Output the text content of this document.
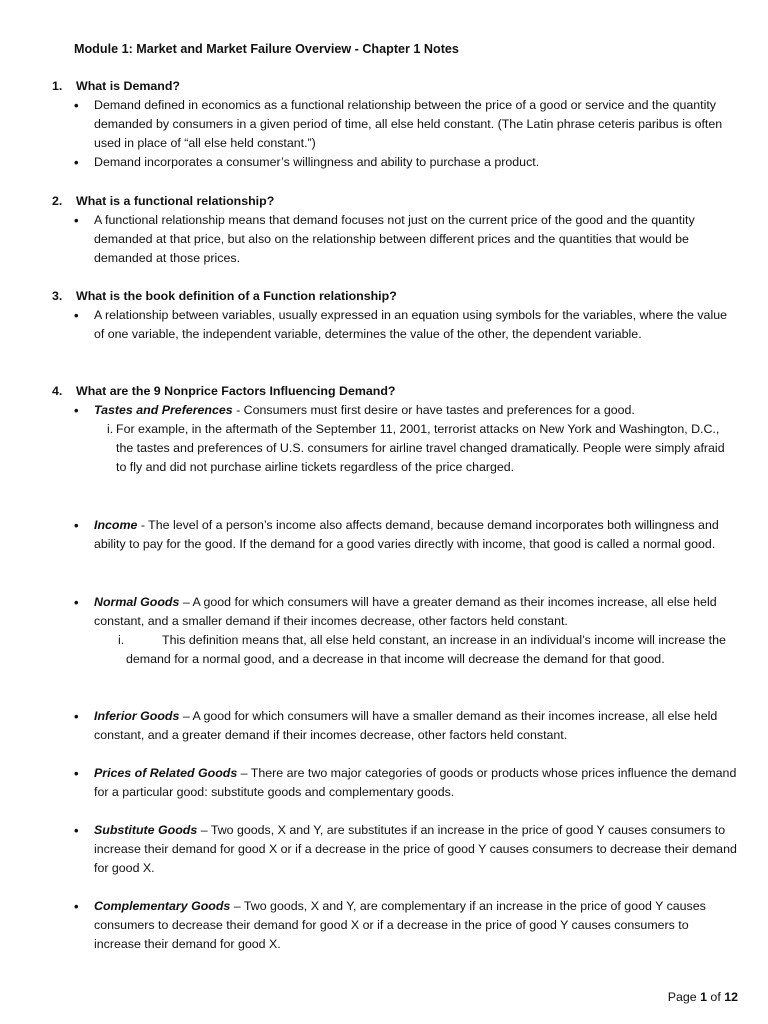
Module 1: Market and Market Failure Overview - Chapter 1 Notes
1. What is Demand?
• Demand defined in economics as a functional relationship between the price of a good or service and the quantity demanded by consumers in a given period of time, all else held constant. (The Latin phrase ceteris paribus is often used in place of “all else held constant.”)
• Demand incorporates a consumer’s willingness and ability to purchase a product.
2. What is a functional relationship?
• A functional relationship means that demand focuses not just on the current price of the good and the quantity demanded at that price, but also on the relationship between different prices and the quantities that would be demanded at those prices.
3. What is the book definition of a Function relationship?
• A relationship between variables, usually expressed in an equation using symbols for the variables, where the value of one variable, the independent variable, determines the value of the other, the dependent variable.
4. What are the 9 Nonprice Factors Influencing Demand?
• Tastes and Preferences - Consumers must first desire or have tastes and preferences for a good.
i. For example, in the aftermath of the September 11, 2001, terrorist attacks on New York and Washington, D.C., the tastes and preferences of U.S. consumers for airline travel changed dramatically. People were simply afraid to fly and did not purchase airline tickets regardless of the price charged.
• Income - The level of a person’s income also affects demand, because demand incorporates both willingness and ability to pay for the good. If the demand for a good varies directly with income, that good is called a normal good.
• Normal Goods – A good for which consumers will have a greater demand as their incomes increase, all else held constant, and a smaller demand if their incomes decrease, other factors held constant.
i.	This definition means that, all else held constant, an increase in an individual’s income will increase the demand for a normal good, and a decrease in that income will decrease the demand for that good.
• Inferior Goods – A good for which consumers will have a smaller demand as their incomes increase, all else held constant, and a greater demand if their incomes decrease, other factors held constant.
• Prices of Related Goods – There are two major categories of goods or products whose prices influence the demand for a particular good: substitute goods and complementary goods.
• Substitute Goods – Two goods, X and Y, are substitutes if an increase in the price of good Y causes consumers to increase their demand for good X or if a decrease in the price of good Y causes consumers to decrease their demand for good X.
• Complementary Goods – Two goods, X and Y, are complementary if an increase in the price of good Y causes consumers to decrease their demand for good X or if a decrease in the price of good Y causes consumers to increase their demand for good X.
Page 1 of 12
